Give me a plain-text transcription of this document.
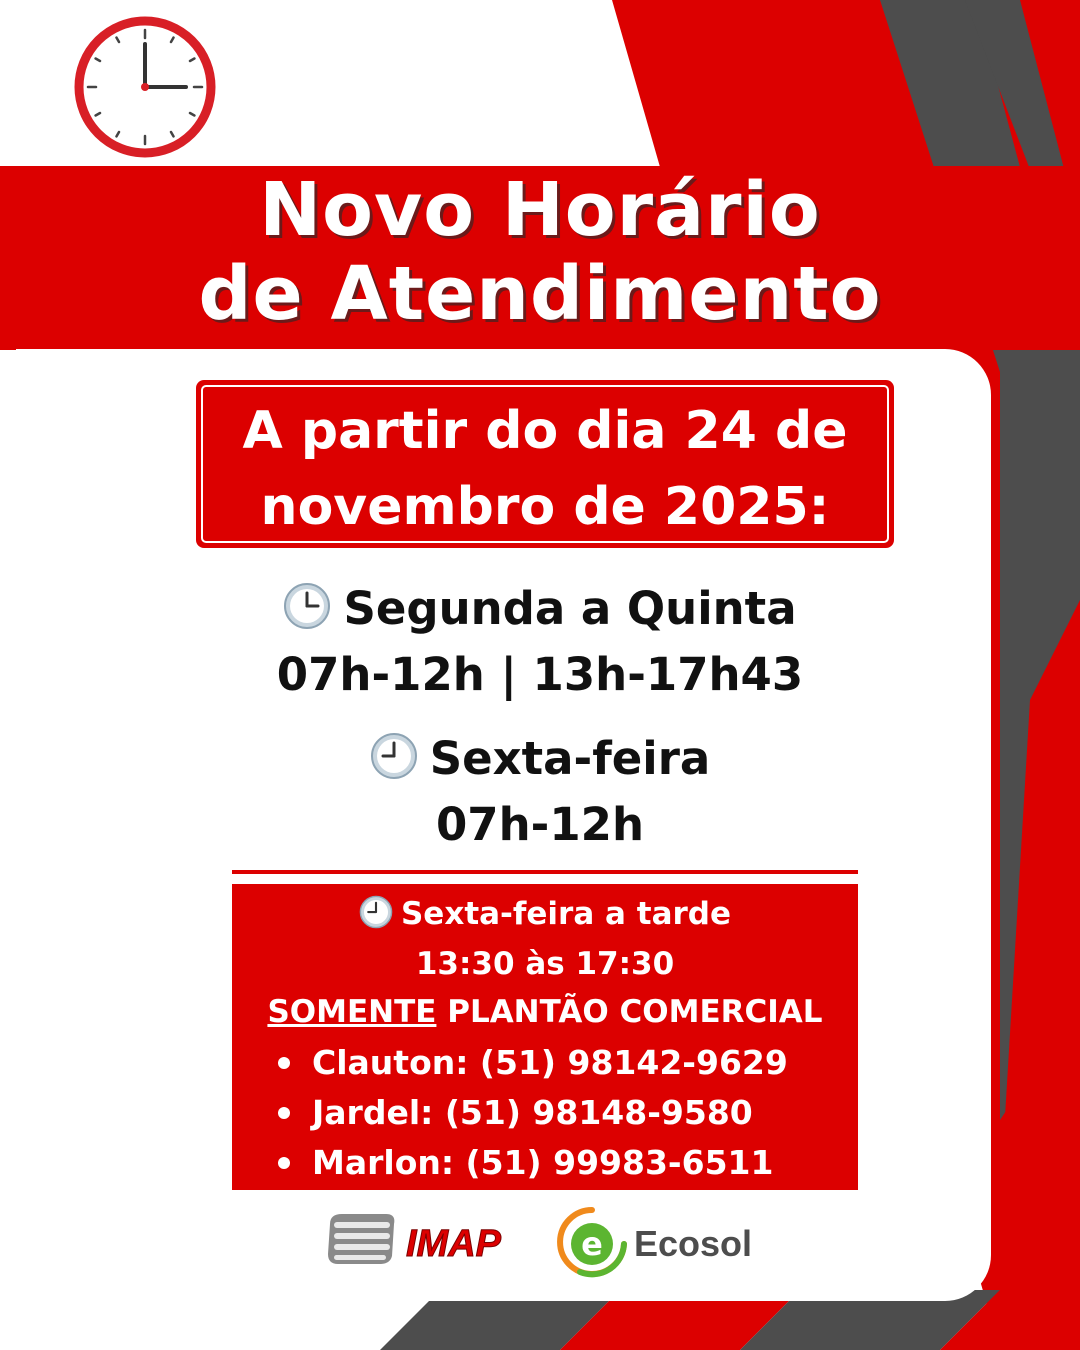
Novo Horário
de Atendimento
A partir do dia 24 de
novembro de 2025:
Segunda a Quinta
07h-12h | 13h-17h43
Sexta-feira
07h-12h
Sexta-feira a tarde
13:30 às 17:30
SOMENTE PLANTÃO COMERCIAL
Clauton: (51) 98142-9629
Jardel: (51) 98148-9580
Marlon: (51) 99983-6511
IMAP	e Ecosol
